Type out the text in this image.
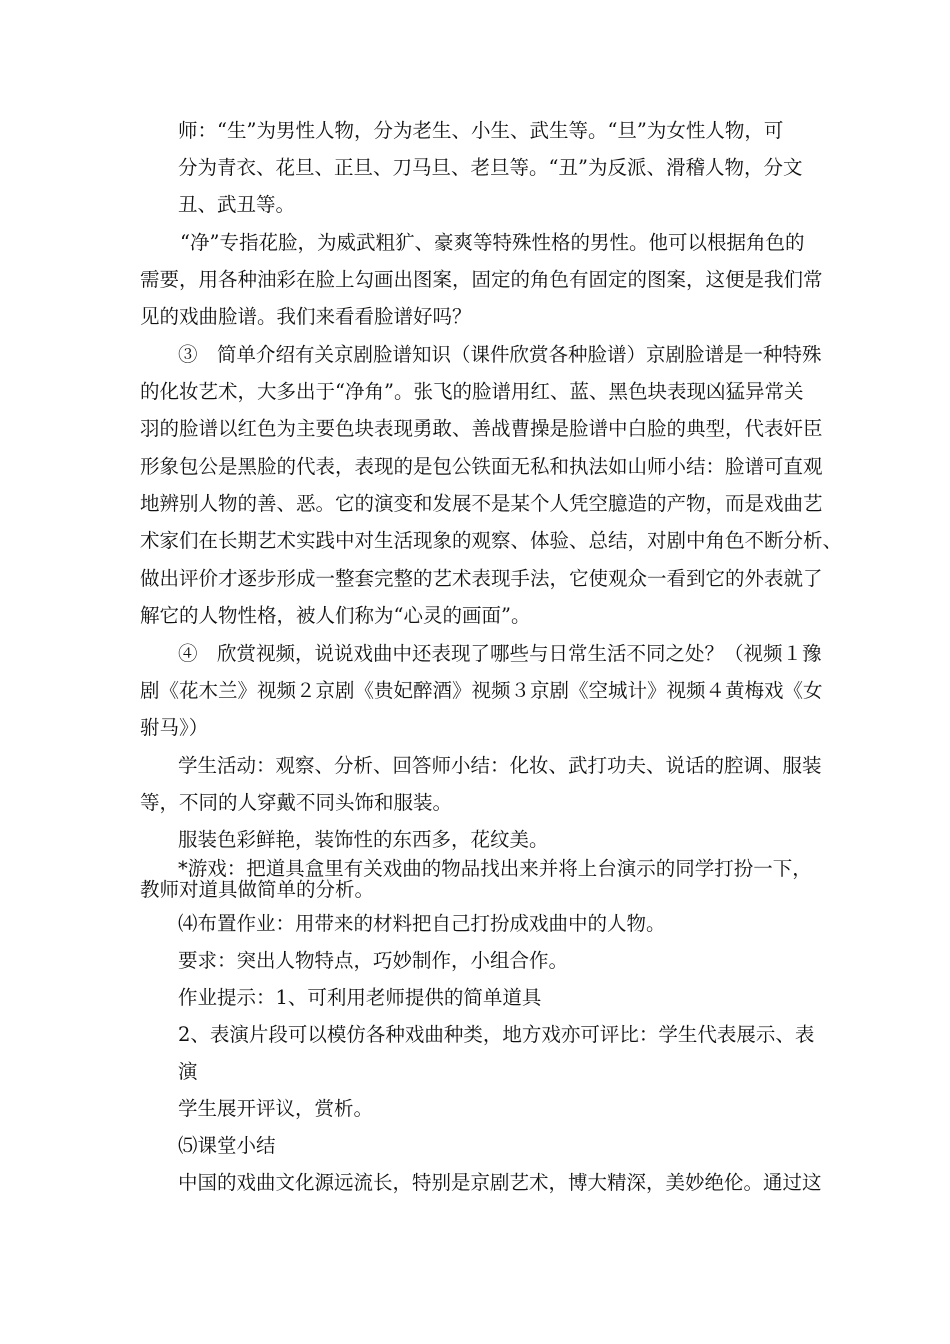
师：“生”为男性人物，分为老生、小生、武生等。“旦”为女性人物，可
分为青衣、花旦、正旦、刀马旦、老旦等。“丑”为反派、滑稽人物，分文
丑、武丑等。
“净”专指花脸，为威武粗犷、豪爽等特殊性格的男性。他可以根据角色的
需要，用各种油彩在脸上勾画出图案，固定的角色有固定的图案，这便是我们常
见的戏曲脸谱。我们来看看脸谱好吗？
③　简单介绍有关京剧脸谱知识（课件欣赏各种脸谱）京剧脸谱是一种特殊
的化妆艺术，大多出于“净角”。张飞的脸谱用红、蓝、黑色块表现凶猛异常关
羽的脸谱以红色为主要色块表现勇敢、善战曹操是脸谱中白脸的典型，代表奸臣
形象包公是黑脸的代表，表现的是包公铁面无私和执法如山师小结：脸谱可直观
地辨别人物的善、恶。它的演变和发展不是某个人凭空臆造的产物，而是戏曲艺
术家们在长期艺术实践中对生活现象的观察、体验、总结，对剧中角色不断分析、
做出评价才逐步形成一整套完整的艺术表现手法，它使观众一看到它的外表就了
解它的人物性格，被人们称为“心灵的画面”。
④　欣赏视频，说说戏曲中还表现了哪些与日常生活不同之处？（视频１豫
剧《花木兰》视频２京剧《贵妃醉酒》视频３京剧《空城计》视频４黄梅戏《女
驸马》）
学生活动：观察、分析、回答师小结：化妆、武打功夫、说话的腔调、服装
等，不同的人穿戴不同头饰和服装。
服装色彩鲜艳，装饰性的东西多，花纹美。
*游戏：把道具盒里有关戏曲的物品找出来并将上台演示的同学打扮一下，
教师对道具做简单的分析。
⑷布置作业：用带来的材料把自己打扮成戏曲中的人物。
要求：突出人物特点，巧妙制作，小组合作。
作业提示：1、可利用老师提供的简单道具
2、表演片段可以模仿各种戏曲种类，地方戏亦可评比：学生代表展示、表
演
学生展开评议，赏析。
⑸课堂小结
中国的戏曲文化源远流长，特别是京剧艺术，博大精深，美妙绝伦。通过这
